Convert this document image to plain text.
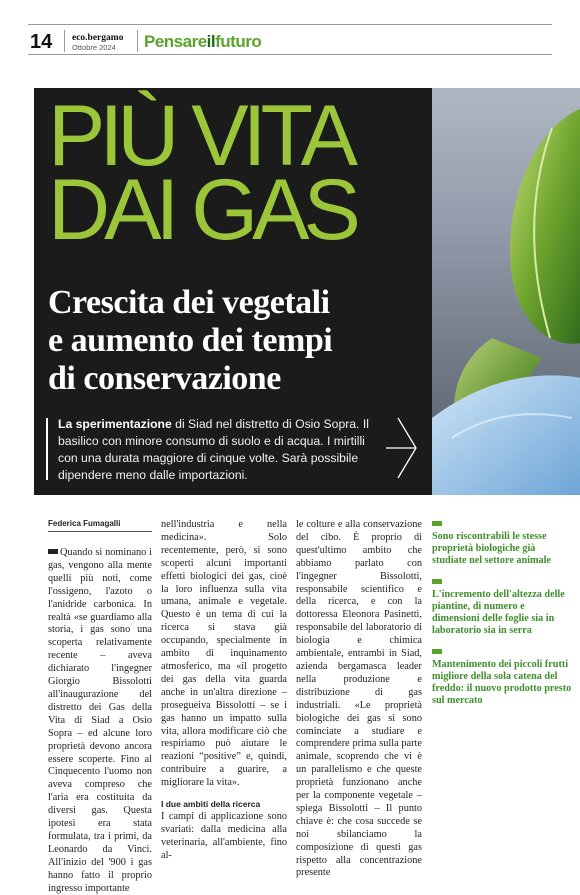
14 eco.bergamo
Ottobre 2024 Pensareilfuturo
PIÙ VITA
DAI GAS
Crescita dei vegetali
e aumento dei tempi
di conservazione
La sperimentazione di Siad nel distretto di Osio Sopra. Il basilico con minore consumo di suolo e di acqua. I mirtilli con una durata maggiore di cinque volte. Sarà possibile dipendere meno dalle importazioni.
Federica Fumagalli
Quando si nominano i gas, vengono alla mente quelli più noti, come l'ossigeno, l'azoto o l'anidride carbonica. In realtà «se guardiamo alla storia, i gas sono una scoperta relativamente recente – aveva dichiarato l'ingegner Giorgio Bissolotti all'inaugurazione del distretto dei Gas della Vita di Siad a Osio Sopra – ed alcune loro proprietà devono ancora essere scoperte. Fino al Cinquecento l'uomo non aveva compreso che l'aria era costituita da diversi gas. Questa ipotesi era stata formulata, tra i primi, da Leonardo da Vinci. All'inizio del '900 i gas hanno fatto il proprio ingresso importante
nell'industria e nella medicina». Solo recentemente, però, si sono scoperti alcuni importanti effetti biologici dei gas, cioè la loro influenza sulla vita umana, animale e vegetale. Questo è un tema di cui la ricerca si stava già occupando, specialmente in ambito di inquinamento atmosferico, ma «il progetto dei gas della vita guarda anche in un'altra direzione – prosegueiva Bissolotti – se i gas hanno un impatto sulla vita, allora modificare ciò che respiriamo può aiutare le reazioni “positive” e, quindi, contribuire a guarire, a migliorare la vita».
I due ambiti della ricerca
I campi di applicazione sono svariati: dalla medicina alla veterinaria, all'ambiente, fino al-
le colture e alla conservazione del cibo. È proprio di quest'ultimo ambito che abbiamo parlato con l'ingegner Bissolotti, responsabile scientifico e della ricerca, e con la dottoressa Eleonora Pasinetti, responsabile del laboratorio di biologia e chimica ambientale, entrambi in Siad, azienda bergamasca leader nella produzione e distribuzione di gas industriali. «Le proprietà biologiche dei gas si sono cominciate a studiare e comprendere prima sulla parte animale, scoprendo che vi è un parallelismo e che queste proprietà funzionano anche per la componente vegetale – spiega Bissolotti – Il punto chiave è: che cosa succede se noi sbilanciamo la composizione di questi gas rispetto alla concentrazione presente
Sono riscontrabili le stesse proprietà biologiche già studiate nel settore animale
L'incremento dell'altezza delle piantine, di numero e dimensioni delle foglie sia in laboratorio sia in serra
Mantenimento dei piccoli frutti migliore della sola catena del freddo: il nuovo prodotto presto sul mercato
